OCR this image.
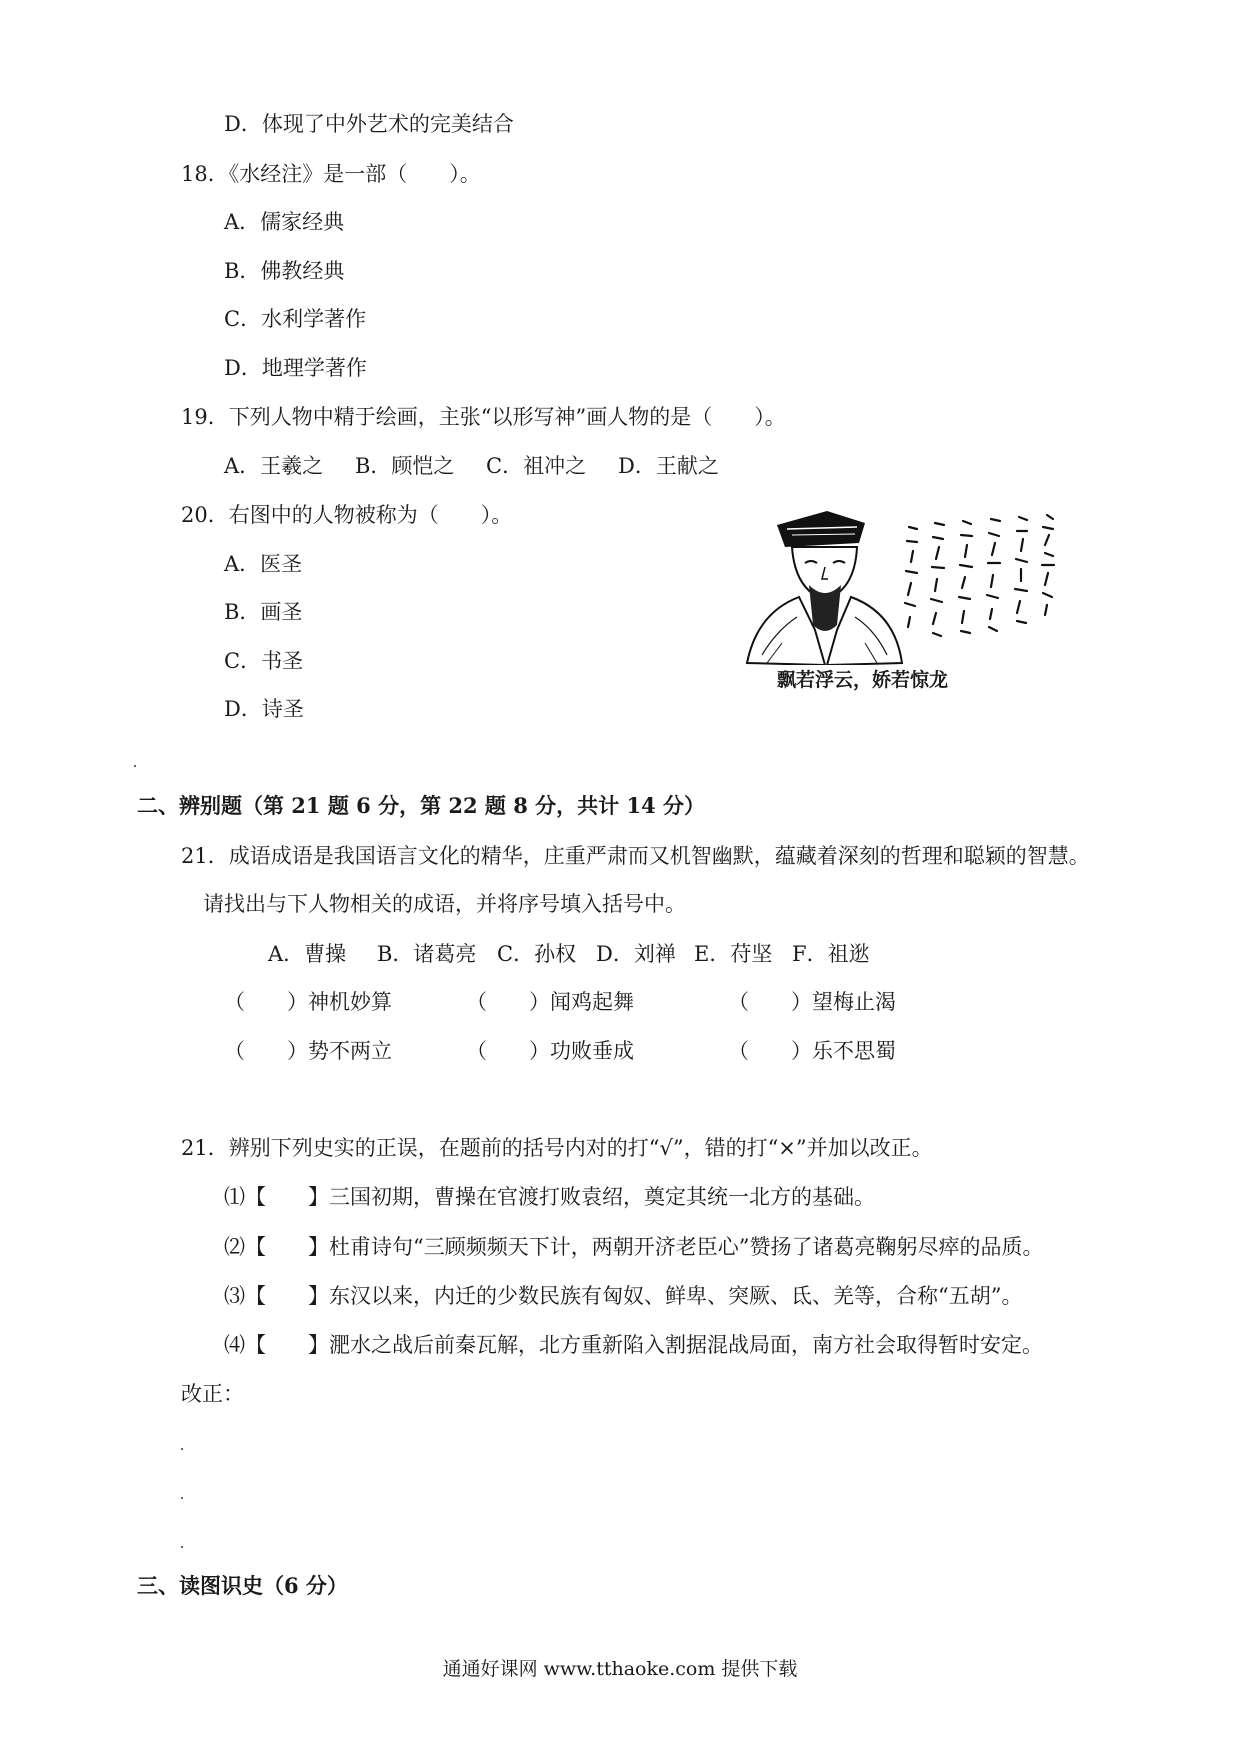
D．体现了中外艺术的完美结合
18．《水经注》是一部（　　）。
A．儒家经典
B．佛教经典
C．水利学著作
D．地理学著作
19．下列人物中精于绘画，主张“以形写神”画人物的是（　　）。
A．王羲之 B．顾恺之 C．祖冲之 D．王献之
20．右图中的人物被称为（　　）。
A．医圣
B．画圣
C．书圣
D．诗圣
飘若浮云，娇若惊龙
二、辨别题（第 21 题 6 分，第 22 题 8 分，共计 14 分）
21．成语成语是我国语言文化的精华，庄重严肃而又机智幽默，蕴藏着深刻的哲理和聪颖的智慧。
请找出与下人物相关的成语，并将序号填入括号中。
A．曹操 B．诸葛亮 C．孙权 D．刘禅 E．苻坚 F．祖逖
（　　）神机妙算	（　　）闻鸡起舞	（　　）望梅止渴
（　　）势不两立	（　　）功败垂成	（　　）乐不思蜀
21．辨别下列史实的正误，在题前的括号内对的打“√”，错的打“×”并加以改正。
⑴【　　】三国初期，曹操在官渡打败袁绍，奠定其统一北方的基础。
⑵【　　】杜甫诗句“三顾频频天下计，两朝开济老臣心”赞扬了诸葛亮鞠躬尽瘁的品质。
⑶【　　】东汉以来，内迁的少数民族有匈奴、鲜卑、突厥、氐、羌等，合称“五胡”。
⑷【　　】淝水之战后前秦瓦解，北方重新陷入割据混战局面，南方社会取得暂时安定。
改正：
三、读图识史（6 分）
通通好课网 www.tthaoke.com 提供下载
